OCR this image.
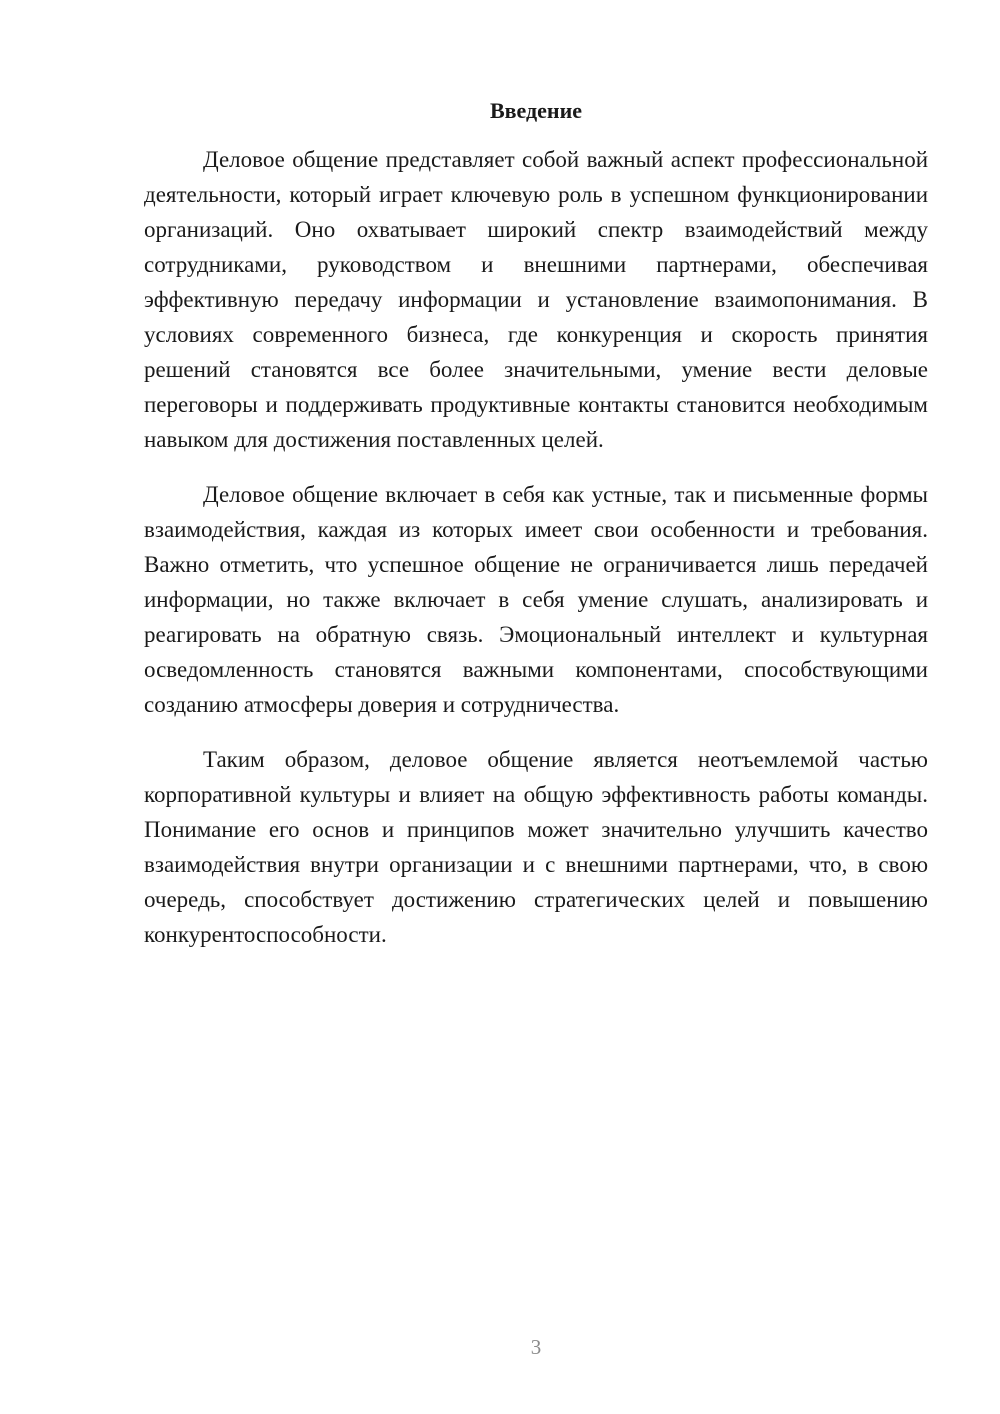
Введение

Деловое общение представляет собой важный аспект профессиональной деятельности, который играет ключевую роль в успешном функционировании организаций. Оно охватывает широкий спектр взаимодействий между сотрудниками, руководством и внешними партнерами, обеспечивая эффективную передачу информации и установление взаимопонимания. В условиях современного бизнеса, где конкуренция и скорость принятия решений становятся все более значительными, умение вести деловые переговоры и поддерживать продуктивные контакты становится необходимым навыком для достижения поставленных целей.

Деловое общение включает в себя как устные, так и письменные формы взаимодействия, каждая из которых имеет свои особенности и требования. Важно отметить, что успешное общение не ограничивается лишь передачей информации, но также включает в себя умение слушать, анализировать и реагировать на обратную связь. Эмоциональный интеллект и культурная осведомленность становятся важными компонентами, способствующими созданию атмосферы доверия и сотрудничества.

Таким образом, деловое общение является неотъемлемой частью корпоративной культуры и влияет на общую эффективность работы команды. Понимание его основ и принципов может значительно улучшить качество взаимодействия внутри организации и с внешними партнерами, что, в свою очередь, способствует достижению стратегических целей и повышению конкурентоспособности.

3
